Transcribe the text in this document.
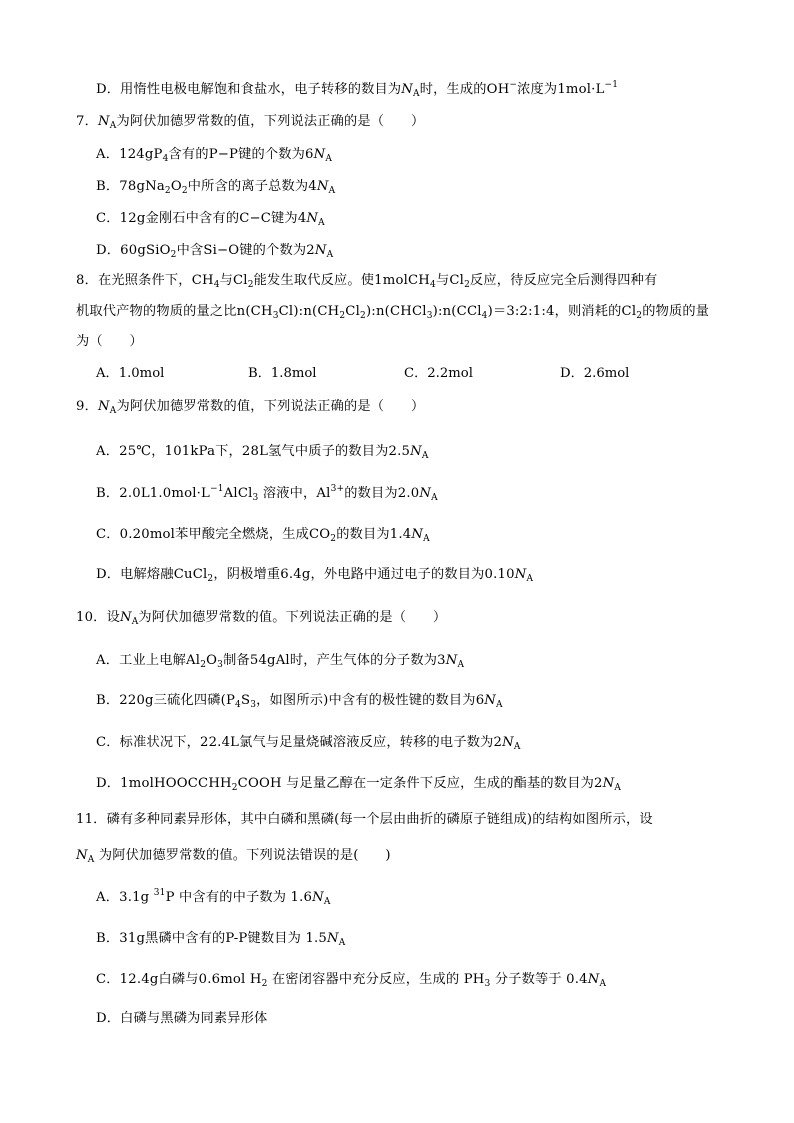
D．用惰性电极电解饱和食盐水，电子转移的数目为$N_A$时，生成的OH−浓度为$1mol\cdot L^{-1}$
7．$N_A$为阿伏加德罗常数的值，下列说法正确的是（　　）
A．$124gP_4$含有的P−P键的个数为$6N_A$
B．$78gNa_2O_2$中所含的离子总数为$4N_A$
C．12g金刚石中含有的C−C键为$4N_A$
D．60gSiO$_2$中含Si−O键的个数为$2N_A$
8．在光照条件下，$CH_4$与$Cl_2$能发生取代反应。使1molCH$_4$与$Cl_2$反应，待反应完全后测得四种有
机取代产物的物质的量之比$n(CH_3Cl):n(CH_2Cl_2):n(CHCl_3):n(CCl_4)=3:2:1:4$，则消耗的$Cl_2$的物质的量
为（　　）
A．1.0mol	B．1.8mol	C．2.2mol	D．2.6mol
9．$N_A$为阿伏加德罗常数的值，下列说法正确的是（　　）
A．25℃，101kPa下，28L氢气中质子的数目为$2.5N_A$
B．$2.0L1.0mol\cdot L^{-1}AlCl_3$ 溶液中，$Al^{3+}$的数目为$2.0N_A$
C．0.20mol苯甲酸完全燃烧，生成$CO_2$的数目为$1.4N_A$
D．电解熔融CuCl$_2$，阴极增重6.4g，外电路中通过电子的数目为$0.10N_A$
10．设$N_A$为阿伏加德罗常数的值。下列说法正确的是（　　）
A．工业上电解$Al_2O_3$制备54gAl时，产生气体的分子数为$3N_A$
B．220g三硫化四磷($P_4S_3$，如图所示)中含有的极性键的数目为$6N_A$
C．标准状况下，22.4L氯气与足量烧碱溶液反应，转移的电子数为$2N_A$
D．1molHOOCCHH$_2$COOH 与足量乙醇在一定条件下反应，生成的酯基的数目为$2N_A$
11．磷有多种同素异形体，其中白磷和黑磷(每一个层由曲折的磷原子链组成)的结构如图所示，设
$N_A$ 为阿伏加德罗常数的值。下列说法错误的是(　　)
A．3.1g $^{31}$P 中含有的中子数为 $1.6N_A$
B．31g黑磷中含有的P-P键数目为 $1.5N_A$
C．12.4g白磷与0.6mol $H_2$ 在密闭容器中充分反应，生成的 $PH_3$ 分子数等于 $0.4N_A$
D．白磷与黑磷为同素异形体
